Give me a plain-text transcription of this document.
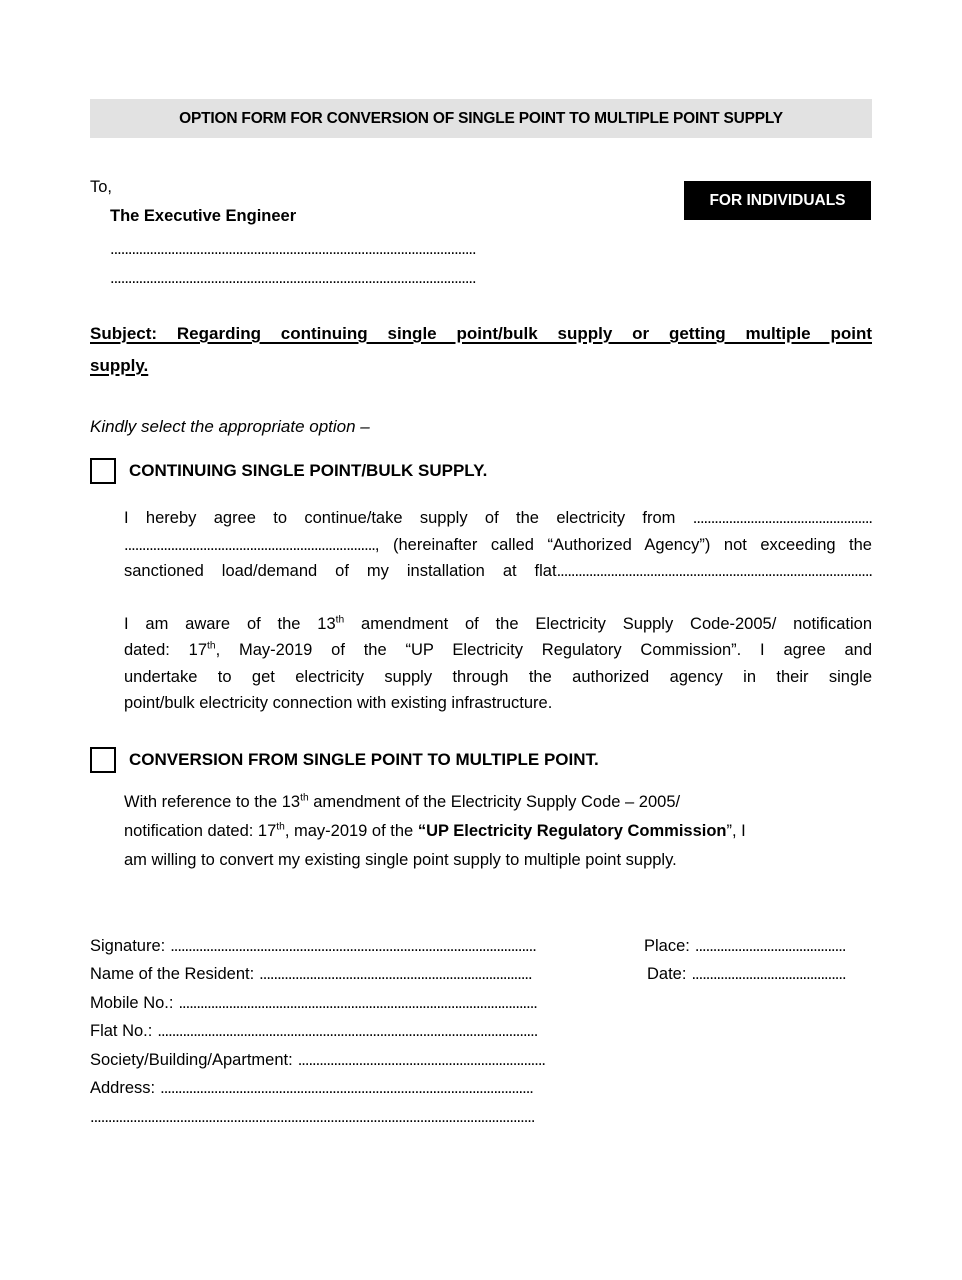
OPTION FORM FOR CONVERSION OF SINGLE POINT TO MULTIPLE POINT SUPPLY
To,
The Executive Engineer
......................................................................................................
......................................................................................................
Subject: Regarding continuing single point/bulk supply or getting multiple point
supply.
Kindly select the appropriate option –
CONTINUING SINGLE POINT/BULK SUPPLY.
I hereby agree to continue/take supply of the electricity from ..................................................
......................................................................, (hereinafter called “Authorized Agency”) not exceeding the
sanctioned load/demand of my installation at flat........................................................................................
I am aware of the 13th amendment of the Electricity Supply Code-2005/ notification
dated: 17th, May-2019 of the “UP Electricity Regulatory Commission”. I agree and
undertake to get electricity supply through the authorized agency in their single
point/bulk electricity connection with existing infrastructure.
CONVERSION FROM SINGLE POINT TO MULTIPLE POINT.
With reference to the 13th amendment of the Electricity Supply Code – 2005/
notification dated: 17th, may-2019 of the “UP Electricity Regulatory Commission”, I
am willing to convert my existing single point supply to multiple point supply.
Signature: ......................................................................................................
Name of the Resident: ............................................................................
Mobile No.: ....................................................................................................
Flat No.: ..........................................................................................................
Society/Building/Apartment: .....................................................................
Address: ........................................................................................................
............................................................................................................................
Place: ..........................................
Date: ...........................................
FOR INDIVIDUALS
